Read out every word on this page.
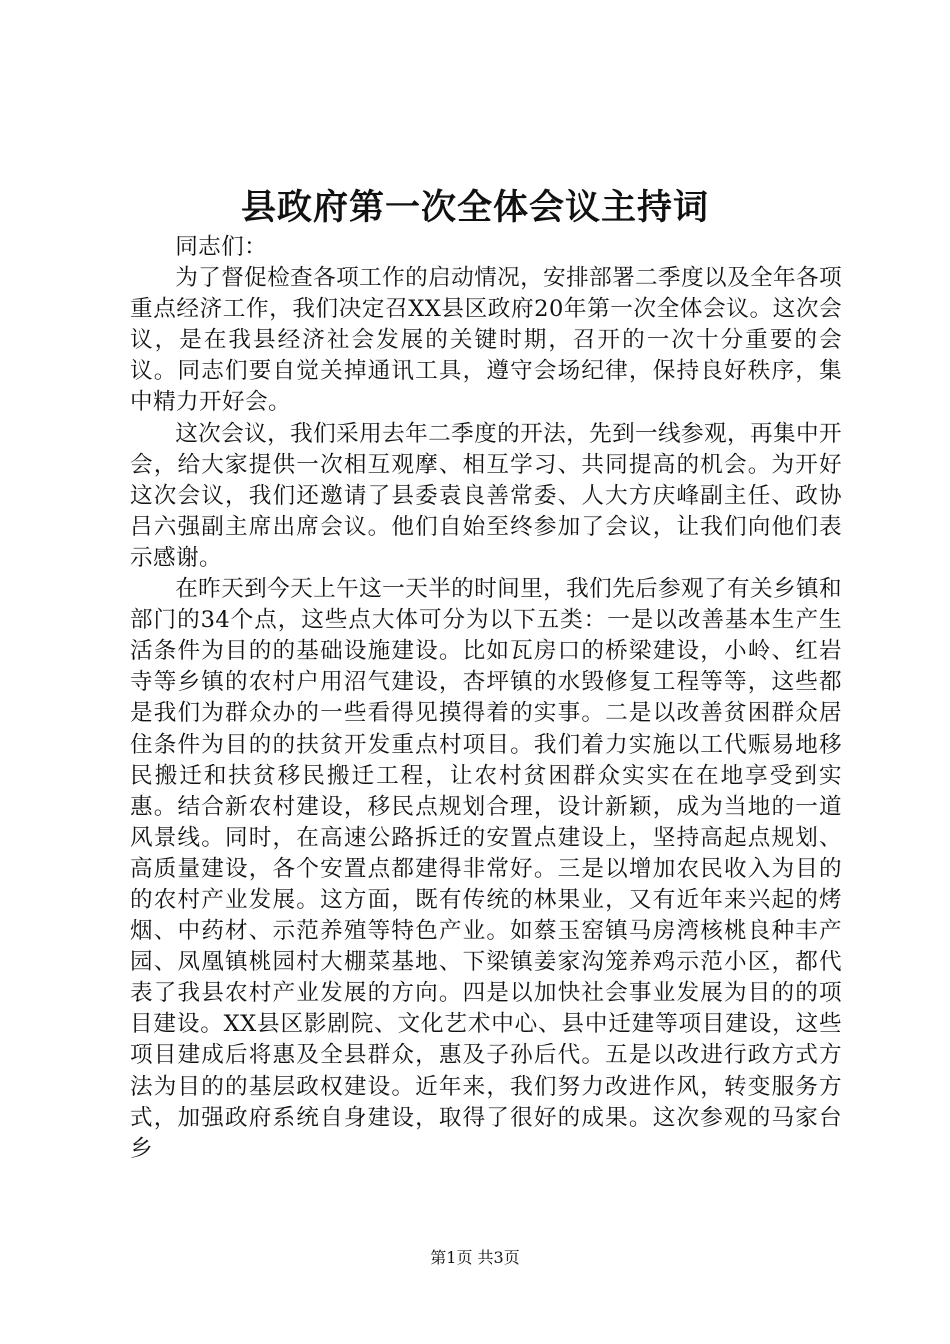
县政府第一次全体会议主持词

同志们：

为了督促检查各项工作的启动情况，安排部署二季度以及全年各项重点经济工作，我们决定召XX县区政府20年第一次全体会议。这次会议，是在我县经济社会发展的关键时期，召开的一次十分重要的会议。同志们要自觉关掉通讯工具，遵守会场纪律，保持良好秩序，集中精力开好会。

这次会议，我们采用去年二季度的开法，先到一线参观，再集中开会，给大家提供一次相互观摩、相互学习、共同提高的机会。为开好这次会议，我们还邀请了县委袁良善常委、人大方庆峰副主任、政协吕六强副主席出席会议。他们自始至终参加了会议，让我们向他们表示感谢。

在昨天到今天上午这一天半的时间里，我们先后参观了有关乡镇和部门的34个点，这些点大体可分为以下五类：一是以改善基本生产生活条件为目的的基础设施建设。比如瓦房口的桥梁建设，小岭、红岩寺等乡镇的农村户用沼气建设，杏坪镇的水毁修复工程等等，这些都是我们为群众办的一些看得见摸得着的实事。二是以改善贫困群众居住条件为目的的扶贫开发重点村项目。我们着力实施以工代赈易地移民搬迁和扶贫移民搬迁工程，让农村贫困群众实实在在地享受到实惠。结合新农村建设，移民点规划合理，设计新颖，成为当地的一道风景线。同时，在高速公路拆迁的安置点建设上，坚持高起点规划、高质量建设，各个安置点都建得非常好。三是以增加农民收入为目的的农村产业发展。这方面，既有传统的林果业，又有近年来兴起的烤烟、中药材、示范养殖等特色产业。如蔡玉窑镇马房湾核桃良种丰产园、凤凰镇桃园村大棚菜基地、下梁镇姜家沟笼养鸡示范小区，都代表了我县农村产业发展的方向。四是以加快社会事业发展为目的的项目建设。XX县区影剧院、文化艺术中心、县中迁建等项目建设，这些项目建成后将惠及全县群众，惠及子孙后代。五是以改进行政方式方法为目的的基层政权建设。近年来，我们努力改进作风，转变服务方式，加强政府系统自身建设，取得了很好的成果。这次参观的马家台乡

第1页 共3页
